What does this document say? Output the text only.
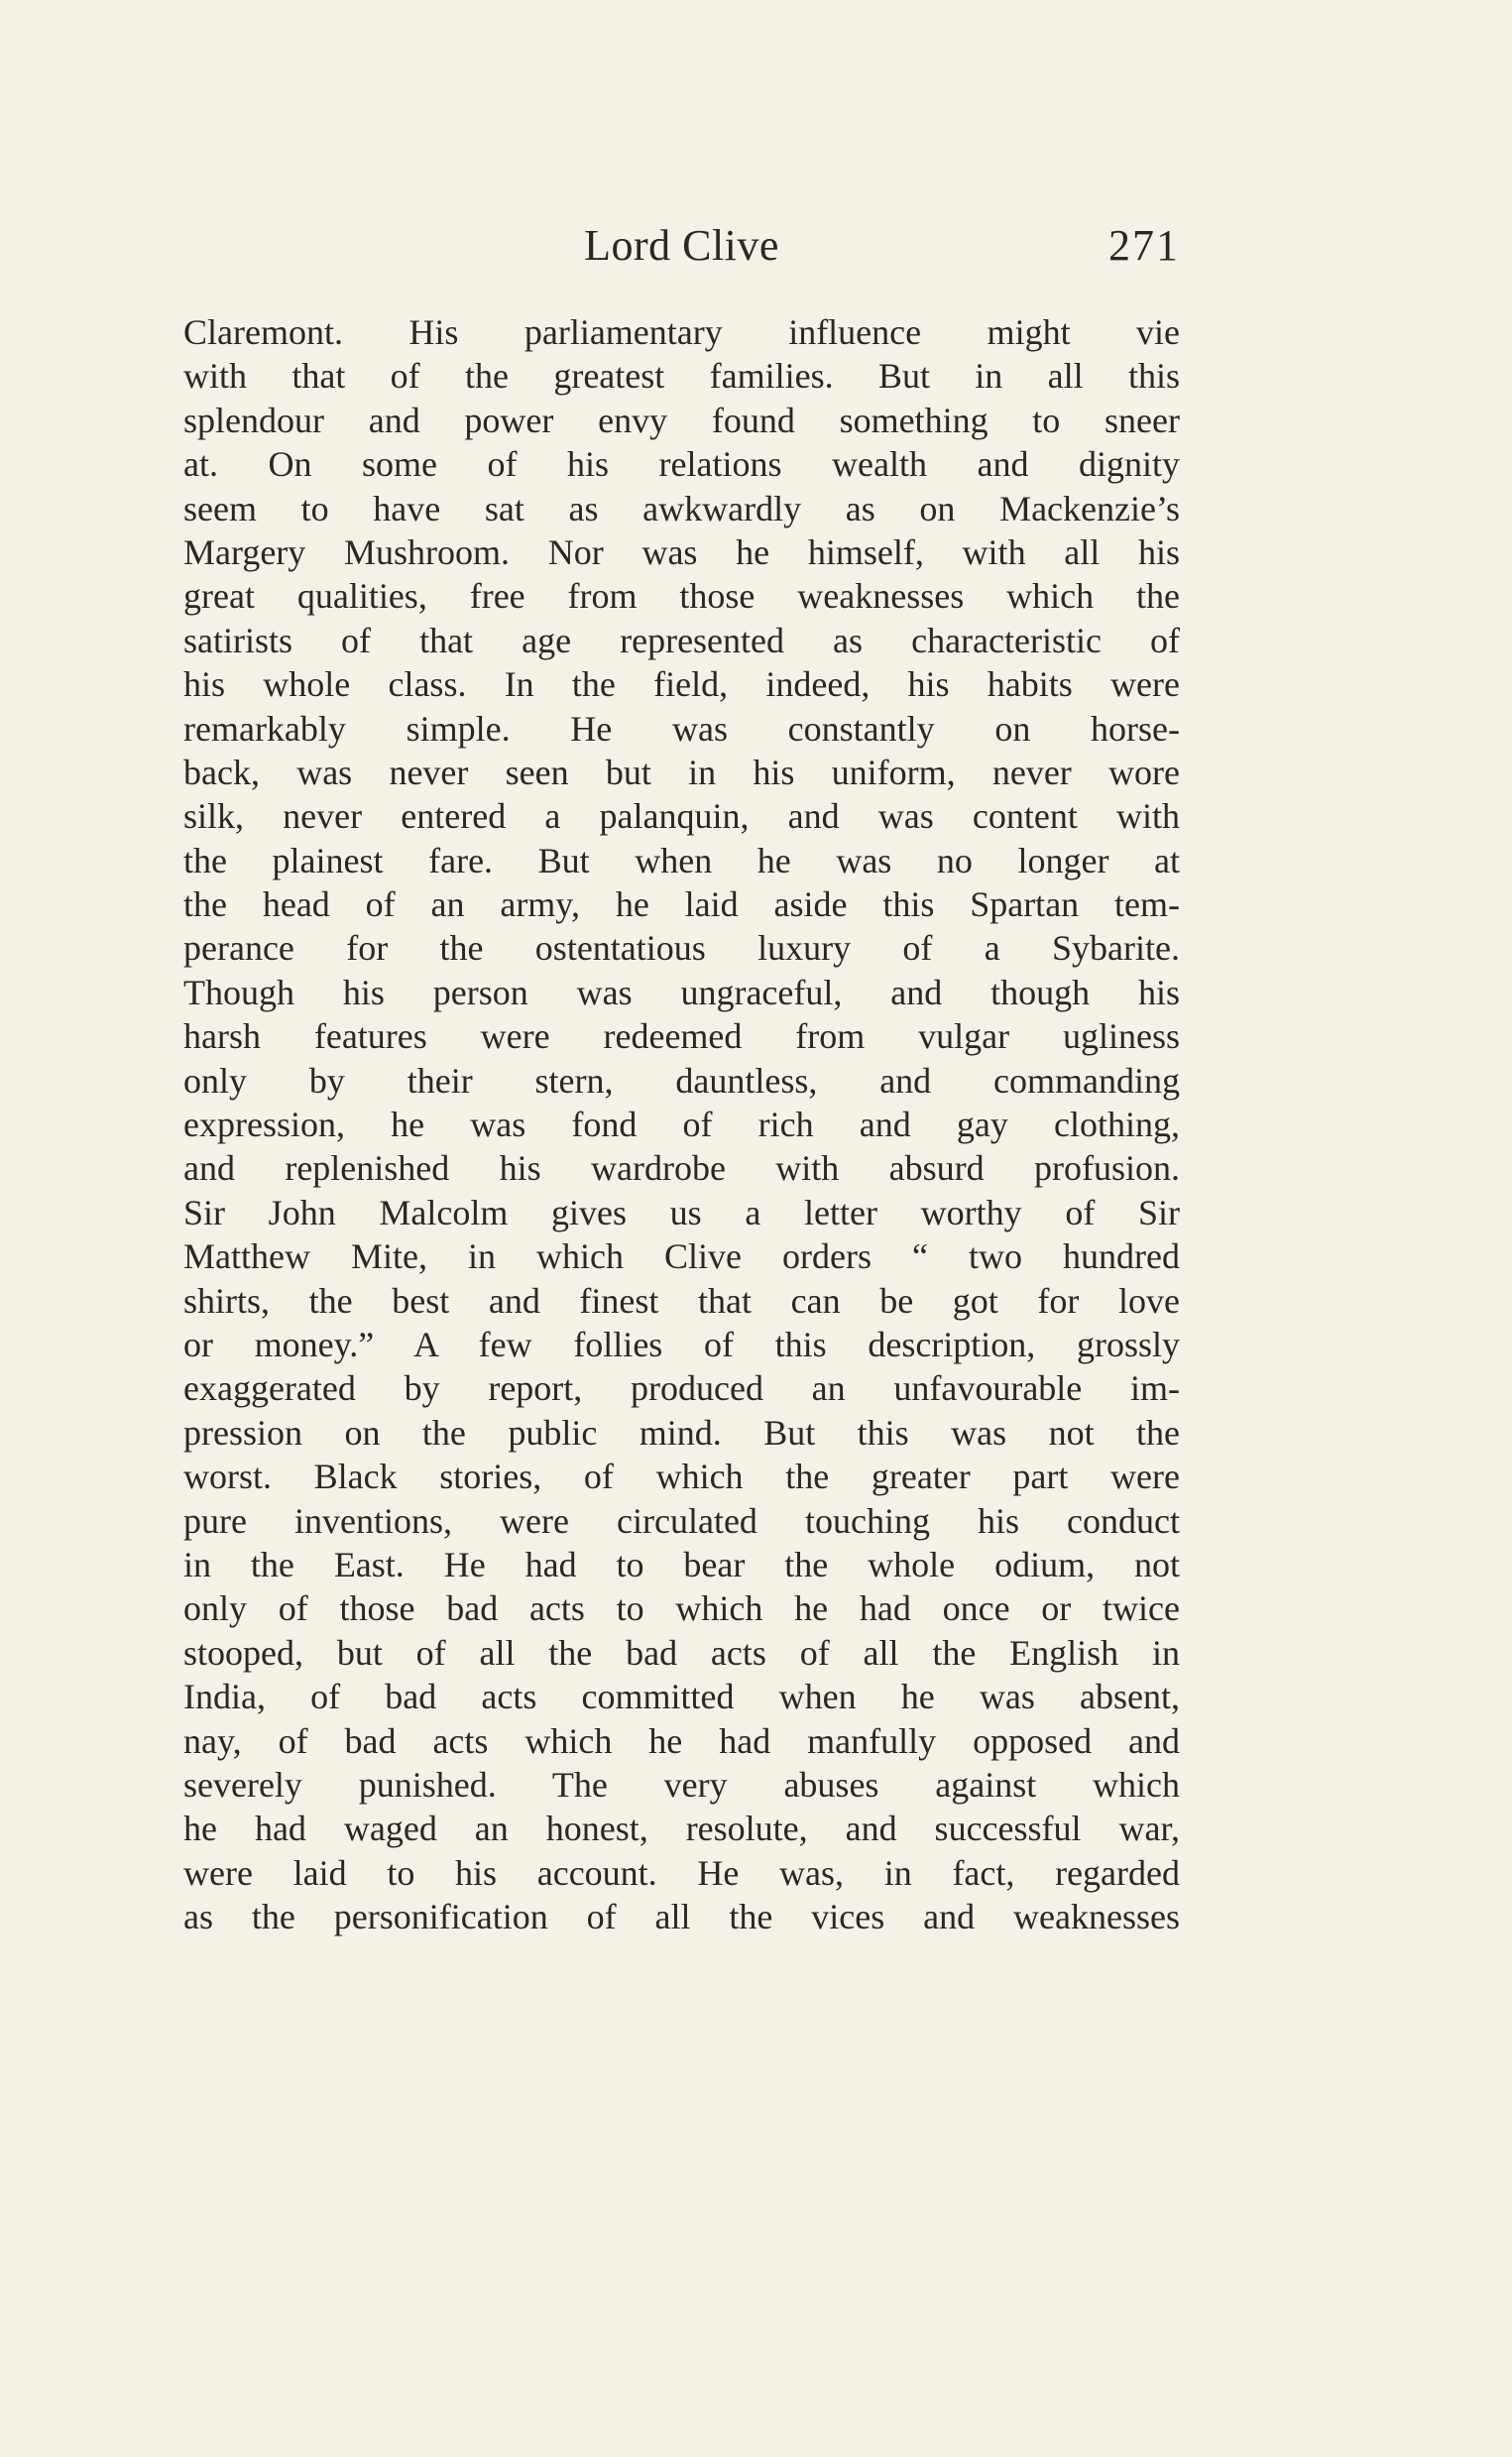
Lord Clive	271
Claremont. His parliamentary influence might vie
with that of the greatest families. But in all this
splendour and power envy found something to sneer
at. On some of his relations wealth and dignity
seem to have sat as awkwardly as on Mackenzie’s
Margery Mushroom. Nor was he himself, with all his
great qualities, free from those weaknesses which the
satirists of that age represented as characteristic of
his whole class. In the field, indeed, his habits were
remarkably simple. He was constantly on horse-
back, was never seen but in his uniform, never wore
silk, never entered a palanquin, and was content with
the plainest fare. But when he was no longer at
the head of an army, he laid aside this Spartan tem-
perance for the ostentatious luxury of a Sybarite.
Though his person was ungraceful, and though his
harsh features were redeemed from vulgar ugliness
only by their stern, dauntless, and commanding
expression, he was fond of rich and gay clothing,
and replenished his wardrobe with absurd profusion.
Sir John Malcolm gives us a letter worthy of Sir
Matthew Mite, in which Clive orders “ two hundred
shirts, the best and finest that can be got for love
or money.” A few follies of this description, grossly
exaggerated by report, produced an unfavourable im-
pression on the public mind. But this was not the
worst. Black stories, of which the greater part were
pure inventions, were circulated touching his conduct
in the East. He had to bear the whole odium, not
only of those bad acts to which he had once or twice
stooped, but of all the bad acts of all the English in
India, of bad acts committed when he was absent,
nay, of bad acts which he had manfully opposed and
severely punished. The very abuses against which
he had waged an honest, resolute, and successful war,
were laid to his account. He was, in fact, regarded
as the personification of all the vices and weaknesses
